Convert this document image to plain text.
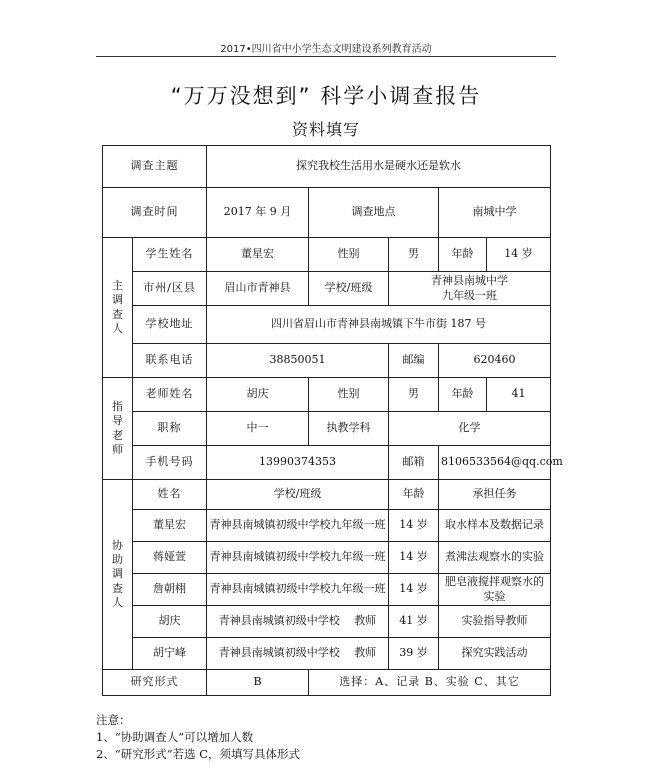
2017•四川省中小学生态文明建设系列教育活动
“万万没想到” 科学小调查报告
资料填写
调查主题		探究我校生活用水是硬水还是软水				
调查时间		2017 年 9 月	调查地点		南城中学	
主调查人	学生姓名	董星宏	性别	男	年龄	14 岁
	市州/区县	眉山市青神县	学校/班级	青神县南城中学
九年级一班		

	学校地址	四川省眉山市青神县南城镇下牛市街 187 号				
	联系电话	38850051		邮编	620460	
指导老师	老师姓名	胡庆	性别	男	年龄	41
	职称	中一	执教学科	化学		
	手机号码	13990374353		邮箱	8106533564@qq.com	
协助调查人	姓名	学校/班级		年龄	承担任务	
	董星宏	青神县南城镇初级中学校九年级一班		14 岁	取水样本及数据记录	
	蒋娅萱	青神县南城镇初级中学校九年级一班		14 岁	煮沸法观察水的实验	
	詹朝栩	青神县南城镇初级中学校九年级一班		14 岁	肥皂液搅拌观察水的实验	
	胡庆	青神县南城镇初级中学校　 教师		41 岁	实验指导教师	
	胡宁峰	青神县南城镇初级中学校　 教师		39 岁	探究实践活动	
研究形式		B	选择：A、记录 B、实验 C、其它			
注意：
1、“协助调查人”可以增加人数
2、“研究形式”若选 C，须填写具体形式
